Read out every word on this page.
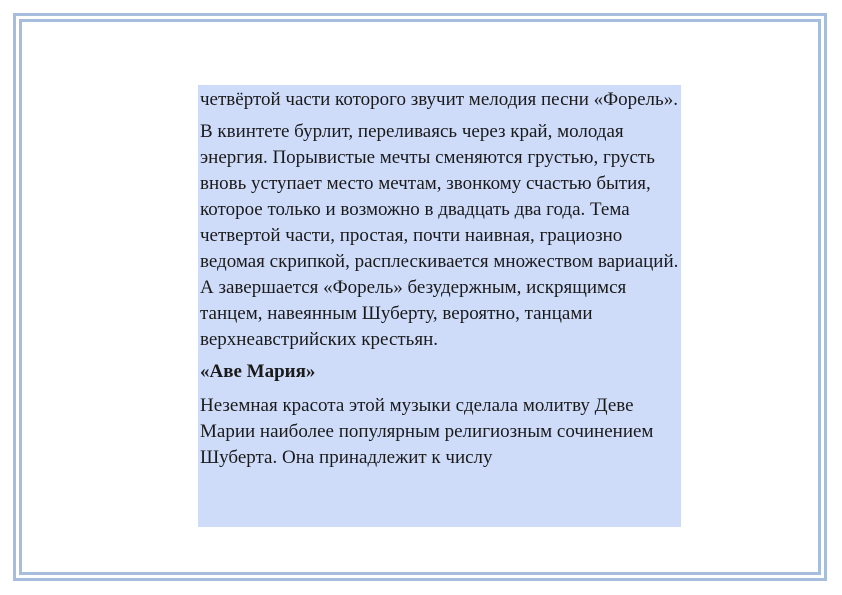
четвёртой части которого звучит мелодия песни «Форель».

В квинтете бурлит, переливаясь через край, молодая энергия. Порывистые мечты сменяются грустью, грусть вновь уступает место мечтам, звонкому счастью бытия, которое только и возможно в двадцать два года. Тема четвертой части, простая, почти наивная, грациозно ведомая скрипкой, расплескивается множеством вариаций. А завершается «Форель» безудержным, искрящимся танцем, навеянным Шуберту, вероятно, танцами верхнеавстрийских крестьян.

«Аве Мария»

Неземная красота этой музыки сделала молитву Деве Марии наиболее популярным религиозным сочинением Шуберта. Она принадлежит к числу
